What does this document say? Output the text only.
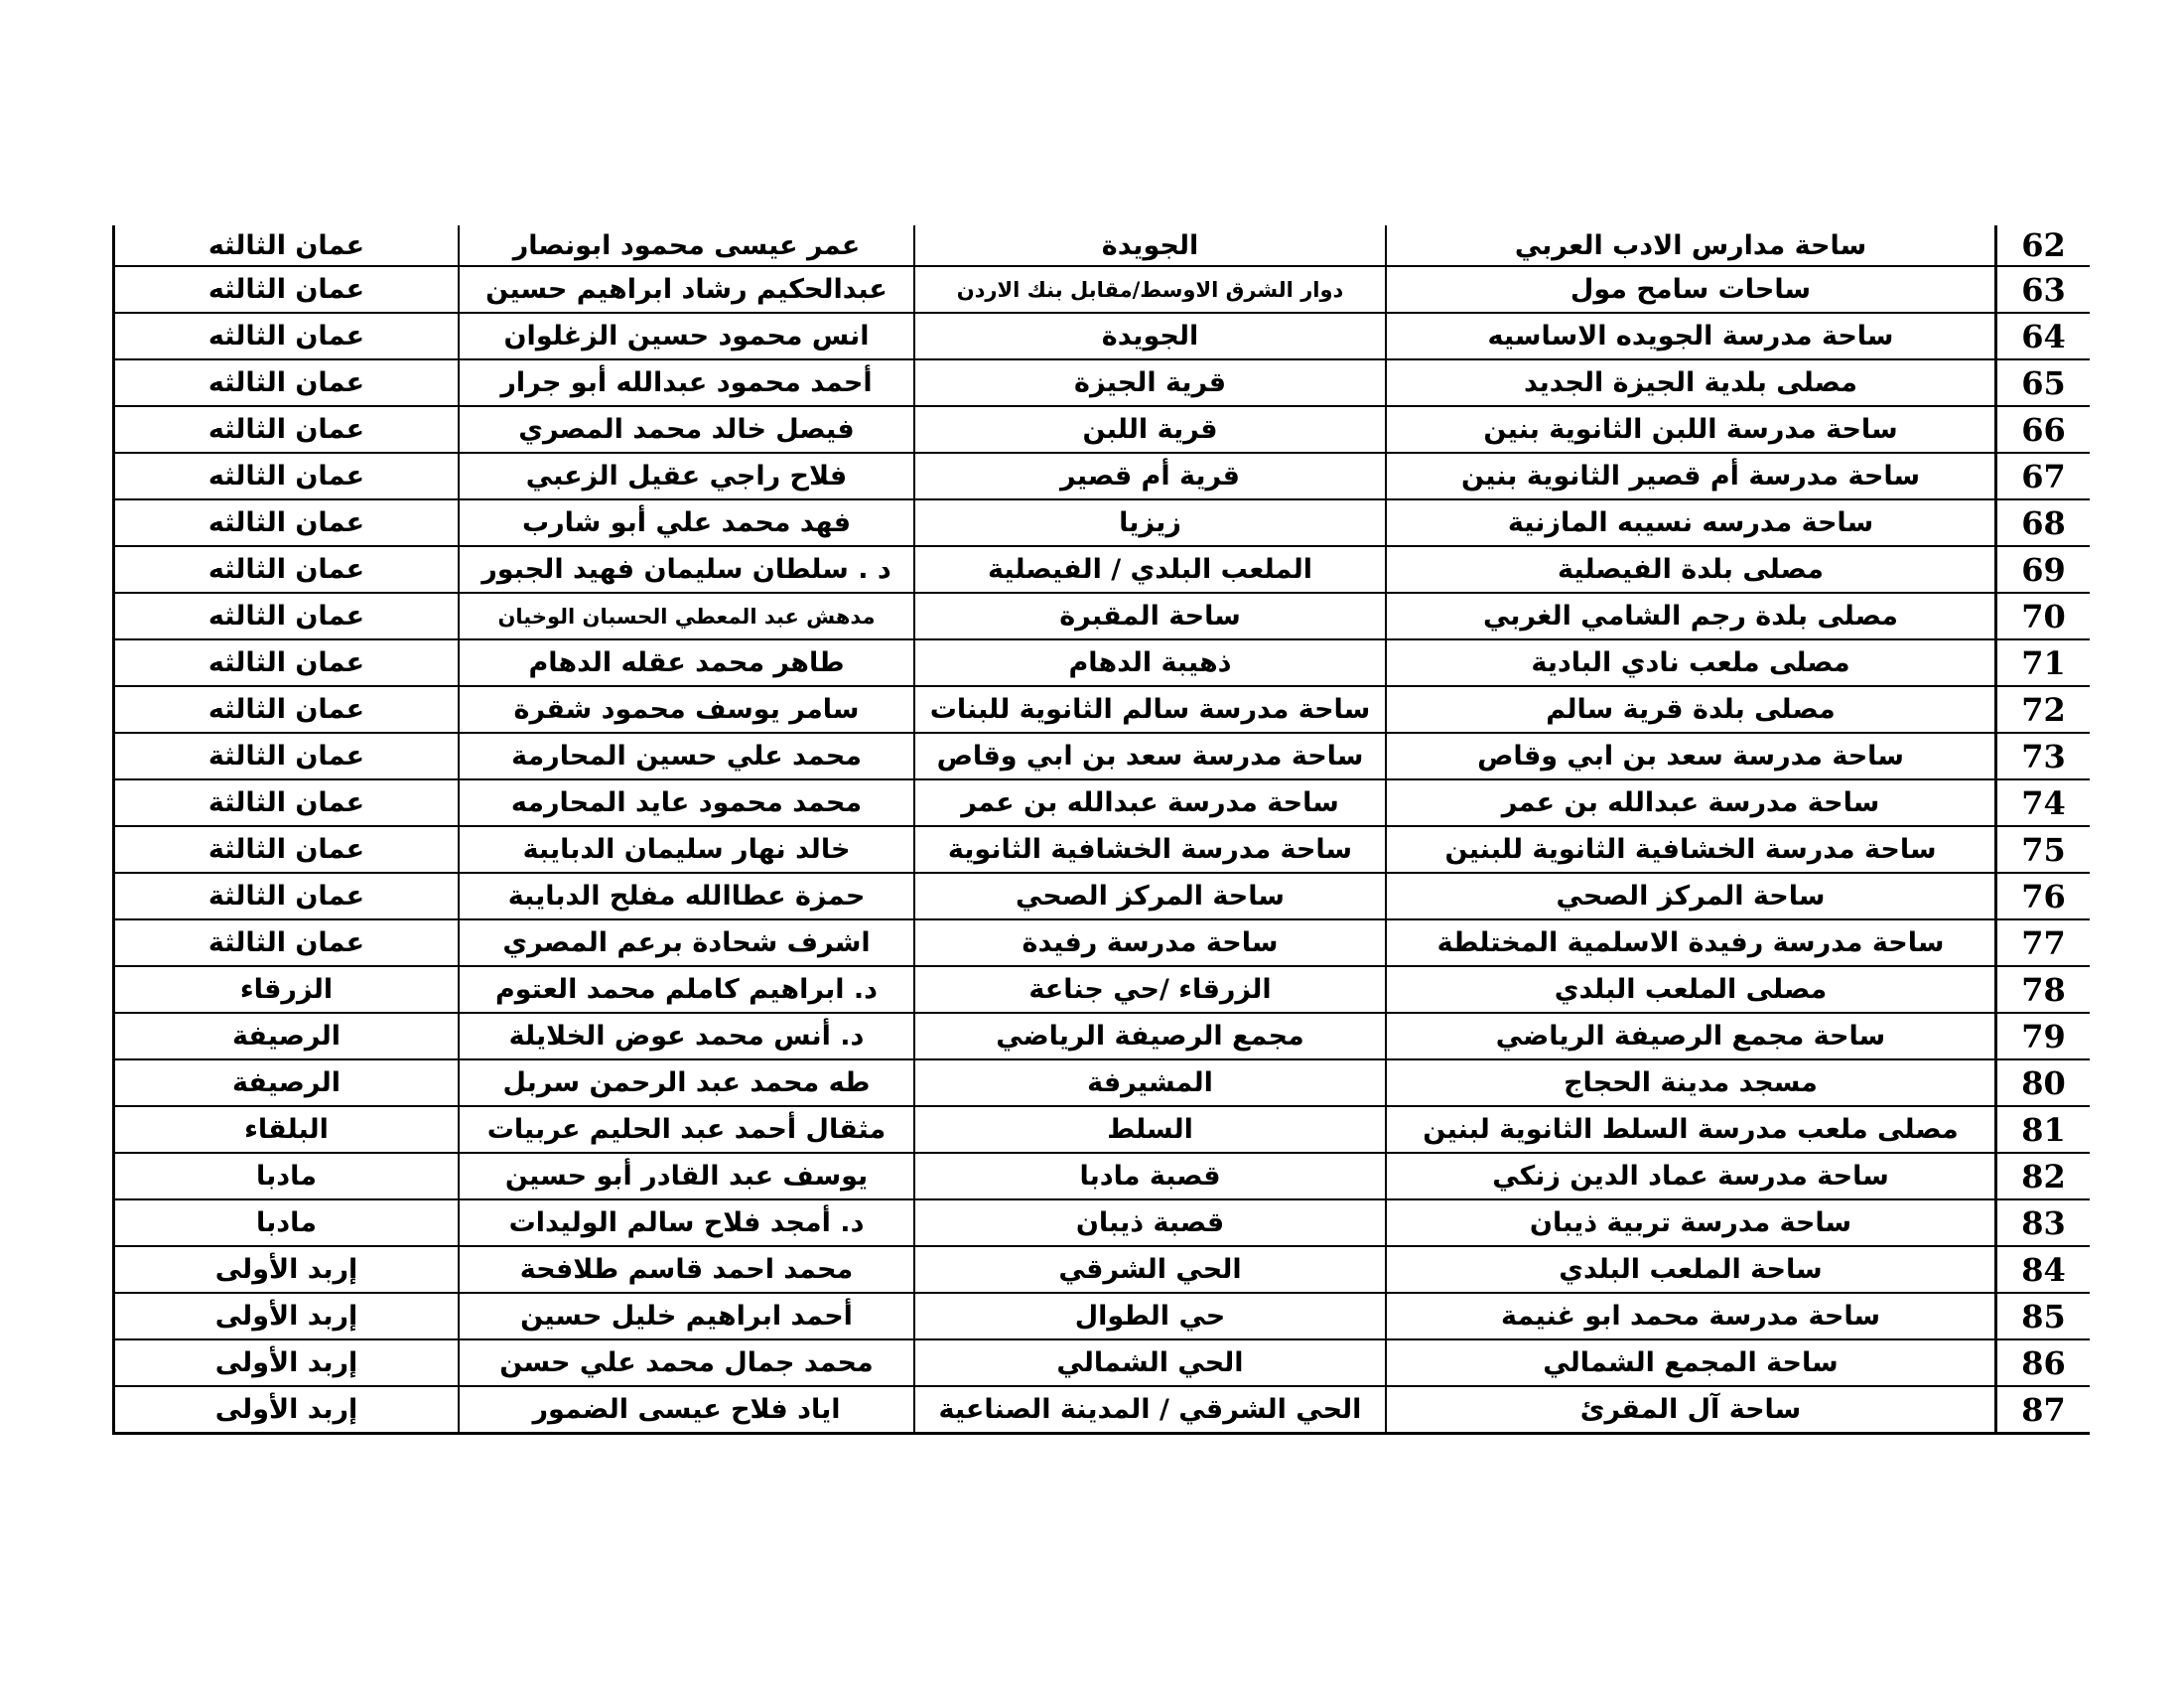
عمان الثالثه	عمر عيسى محمود ابونصار	الجويدة	ساحة مدارس الادب العربي	62
عمان الثالثه	عبدالحكيم رشاد ابراهيم حسين	دوار الشرق الاوسط/مقابل بنك الاردن	ساحات سامح مول	63
عمان الثالثه	انس محمود حسين الزغلوان	الجويدة	ساحة مدرسة الجويده الاساسيه	64
عمان الثالثه	أحمد محمود عبدالله أبو جرار	قرية الجيزة	مصلى بلدية الجيزة الجديد	65
عمان الثالثه	فيصل خالد محمد المصري	قرية اللبن	ساحة مدرسة اللبن الثانوية بنين	66
عمان الثالثه	فلاح راجي عقيل الزعبي	قرية أم قصير	ساحة مدرسة أم قصير الثانوية بنين	67
عمان الثالثه	فهد محمد علي أبو شارب	زيزيا	ساحة مدرسه نسيبه المازنية	68
عمان الثالثه	د . سلطان سليمان فهيد الجبور	الملعب البلدي / الفيصلية	مصلى بلدة الفيصلية	69
عمان الثالثه	مدهش عبد المعطي الحسبان الوخيان	ساحة المقبرة	مصلى بلدة رجم الشامي الغربي	70
عمان الثالثه	طاهر محمد عقله الدهام	ذهيبة الدهام	مصلى ملعب نادي البادية	71
عمان الثالثه	سامر يوسف محمود شقرة	ساحة مدرسة سالم الثانوية للبنات	مصلى بلدة قرية سالم	72
عمان الثالثة	محمد علي حسين المحارمة	ساحة مدرسة سعد بن ابي وقاص	ساحة مدرسة سعد بن ابي وقاص	73
عمان الثالثة	محمد محمود عايد المحارمه	ساحة مدرسة عبدالله بن عمر	ساحة مدرسة عبدالله بن عمر	74
عمان الثالثة	خالد نهار سليمان الدبايبة	ساحة مدرسة الخشافية الثانوية	ساحة مدرسة الخشافية الثانوية للبنين	75
عمان الثالثة	حمزة عطاالله مفلح الدبايبة	ساحة المركز الصحي	ساحة المركز الصحي	76
عمان الثالثة	اشرف شحادة برعم المصري	ساحة مدرسة رفيدة	ساحة مدرسة رفيدة الاسلمية المختلطة	77
الزرقاء	د. ابراهيم كاملم محمد العتوم	الزرقاء /حي جناعة	مصلى الملعب البلدي	78
الرصيفة	د. أنس محمد عوض الخلايلة	مجمع الرصيفة الرياضي	ساحة مجمع الرصيفة الرياضي	79
الرصيفة	طه محمد عبد الرحمن سربل	المشيرفة	مسجد مدينة الحجاج	80
البلقاء	مثقال أحمد عبد الحليم عربيات	السلط	مصلى ملعب مدرسة السلط الثانوية لبنين	81
مادبا	يوسف عبد القادر أبو حسين	قصبة مادبا	ساحة مدرسة عماد الدين زنكي	82
مادبا	د. أمجد فلاح سالم الوليدات	قصبة ذيبان	ساحة مدرسة تربية ذيبان	83
إربد الأولى	محمد احمد قاسم طلافحة	الحي الشرقي	ساحة الملعب البلدي	84
إربد الأولى	أحمد ابراهيم خليل حسين	حي الطوال	ساحة مدرسة محمد ابو غنيمة	85
إربد الأولى	محمد جمال محمد علي حسن	الحي الشمالي	ساحة المجمع الشمالي	86
إربد الأولى	اياد فلاح عيسى الضمور	الحي الشرقي / المدينة الصناعية	ساحة آل المقرئ	87
